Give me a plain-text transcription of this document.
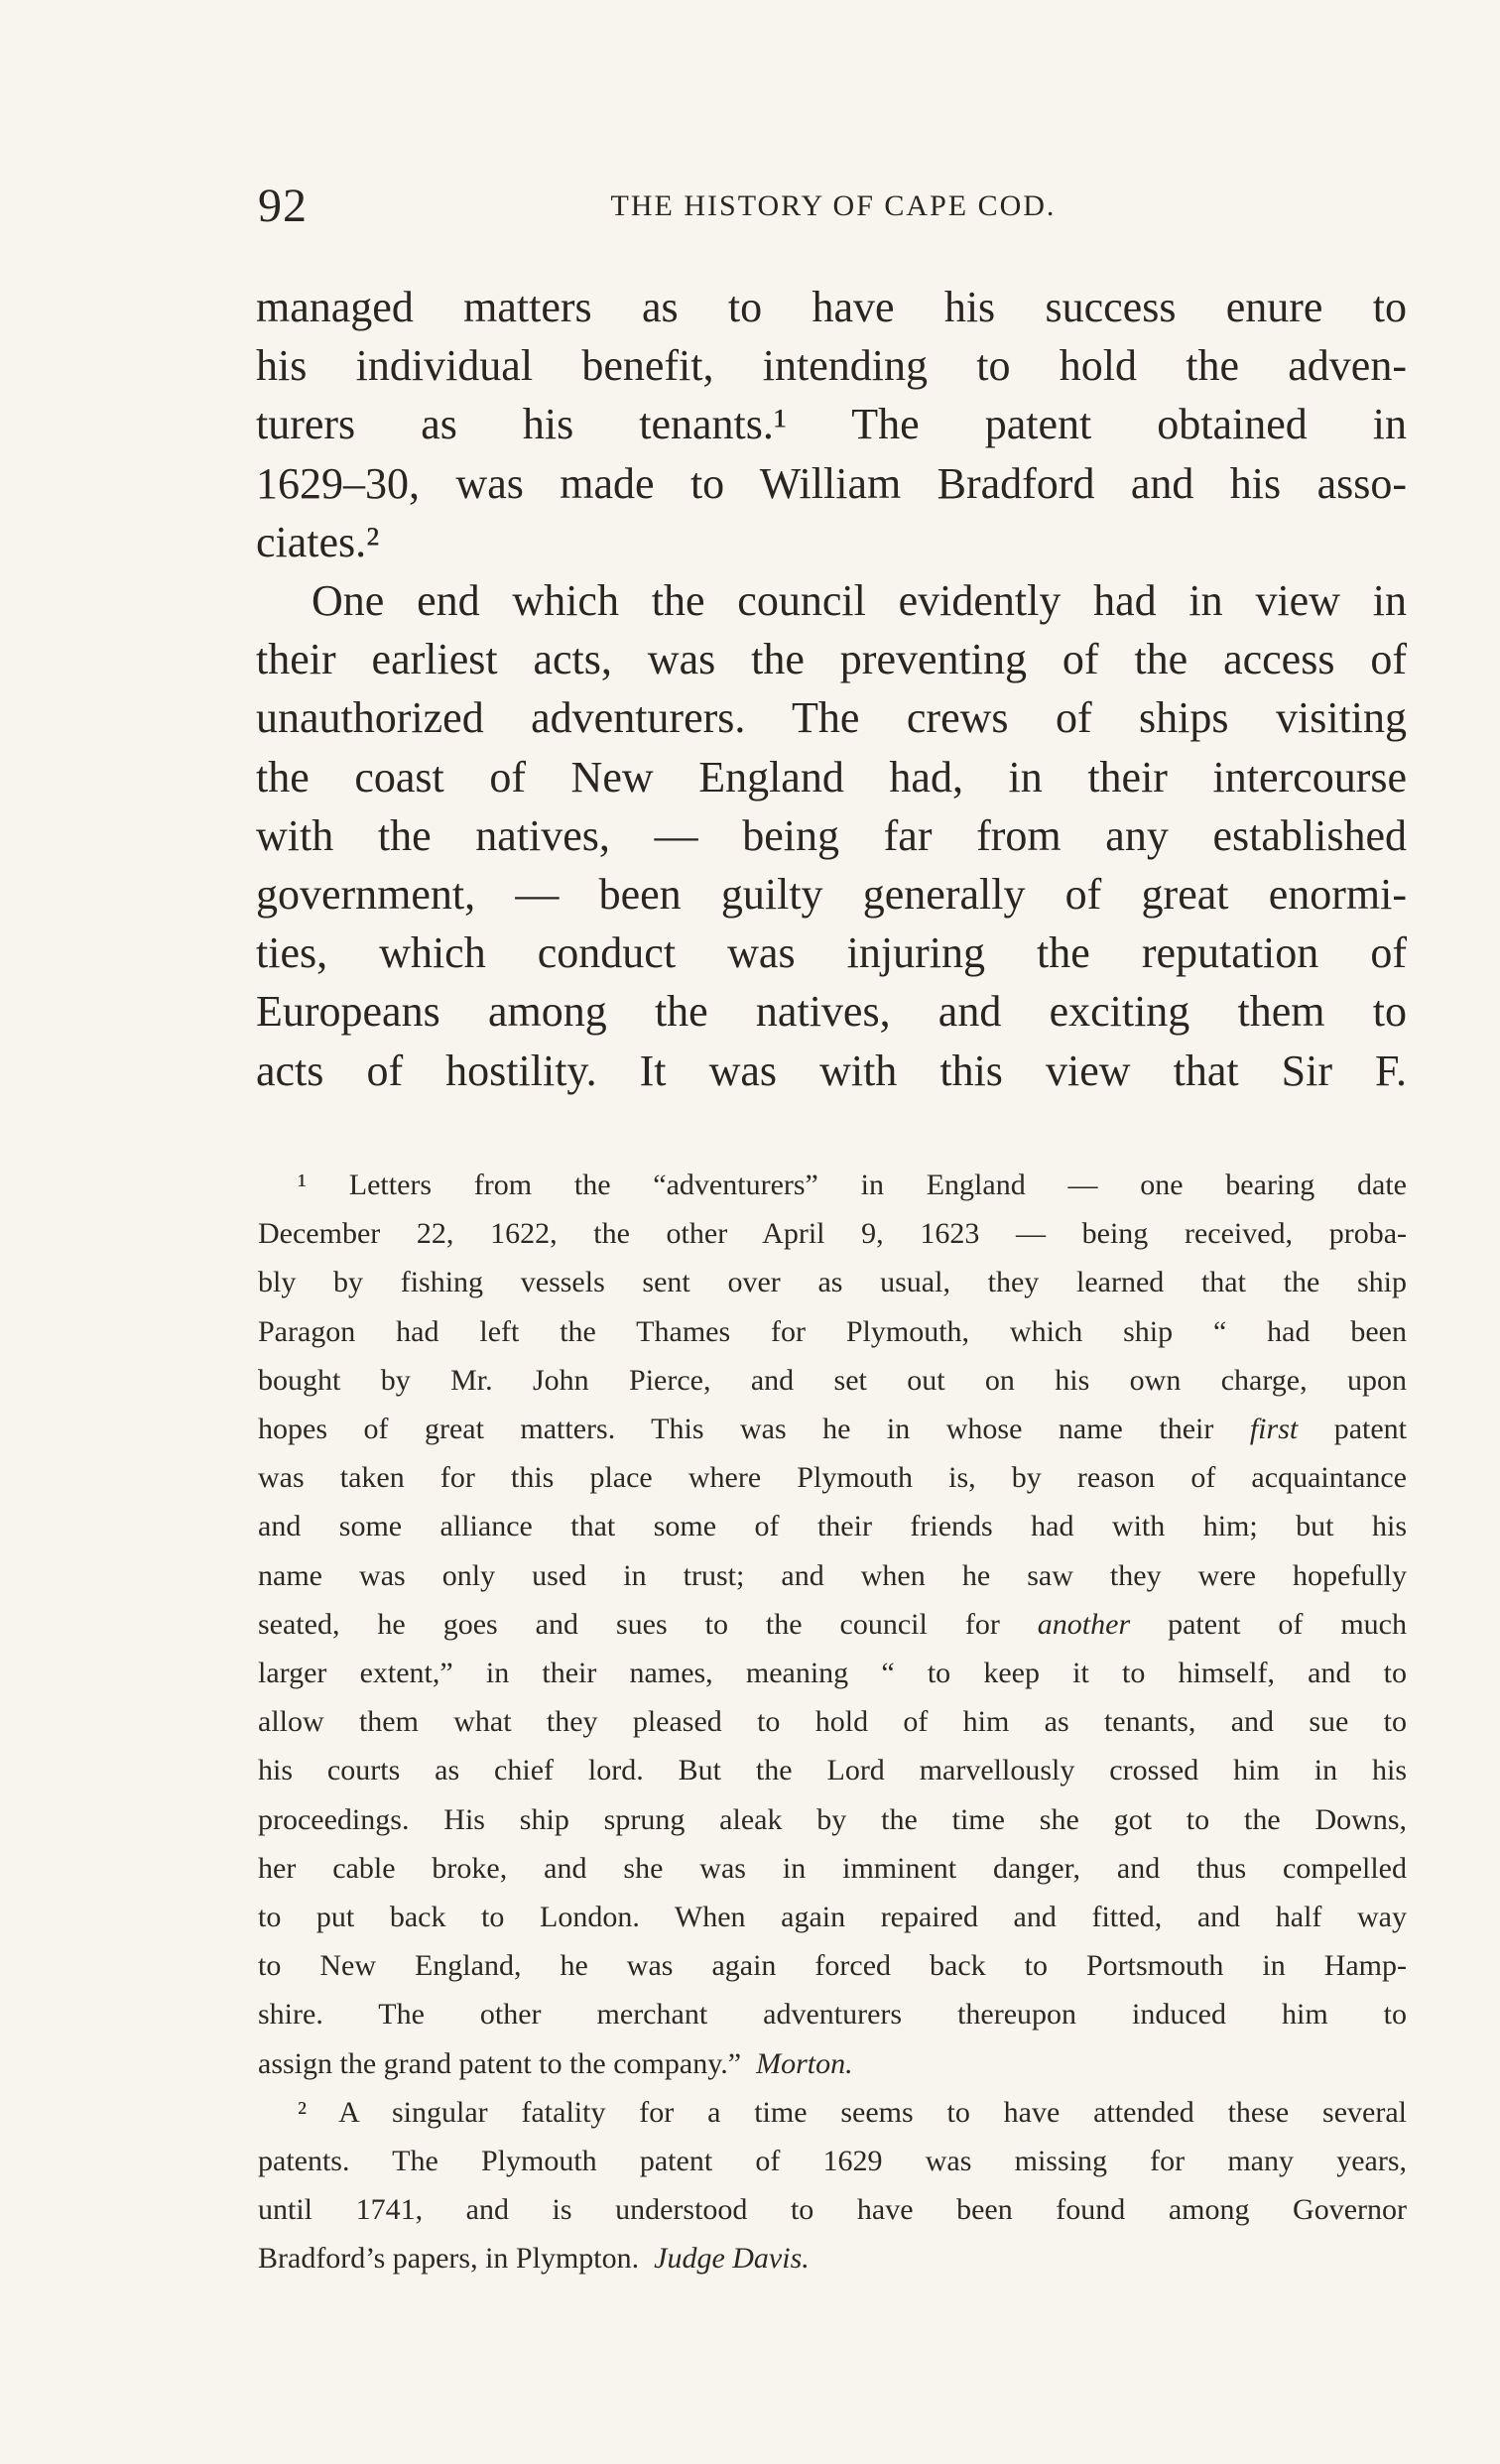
92	THE HISTORY OF CAPE COD.
managed matters as to have his success enure to
his individual benefit, intending to hold the adven-
turers as his tenants.¹ The patent obtained in
1629–30, was made to William Bradford and his asso-
ciates.²
One end which the council evidently had in view in
their earliest acts, was the preventing of the access of
unauthorized adventurers. The crews of ships visiting
the coast of New England had, in their intercourse
with the natives, — being far from any established
government, — been guilty generally of great enormi-
ties, which conduct was injuring the reputation of
Europeans among the natives, and exciting them to
acts of hostility. It was with this view that Sir F.
¹ Letters from the “adventurers” in England — one bearing date
December 22, 1622, the other April 9, 1623 — being received, proba-
bly by fishing vessels sent over as usual, they learned that the ship
Paragon had left the Thames for Plymouth, which ship “ had been
bought by Mr. John Pierce, and set out on his own charge, upon
hopes of great matters. This was he in whose name their first patent
was taken for this place where Plymouth is, by reason of acquaintance
and some alliance that some of their friends had with him; but his
name was only used in trust; and when he saw they were hopefully
seated, he goes and sues to the council for another patent of much
larger extent,” in their names, meaning “ to keep it to himself, and to
allow them what they pleased to hold of him as tenants, and sue to
his courts as chief lord. But the Lord marvellously crossed him in his
proceedings. His ship sprung aleak by the time she got to the Downs,
her cable broke, and she was in imminent danger, and thus compelled
to put back to London. When again repaired and fitted, and half way
to New England, he was again forced back to Portsmouth in Hamp-
shire. The other merchant adventurers thereupon induced him to
assign the grand patent to the company.” Morton.
² A singular fatality for a time seems to have attended these several
patents. The Plymouth patent of 1629 was missing for many years,
until 1741, and is understood to have been found among Governor
Bradford’s papers, in Plympton. Judge Davis.
